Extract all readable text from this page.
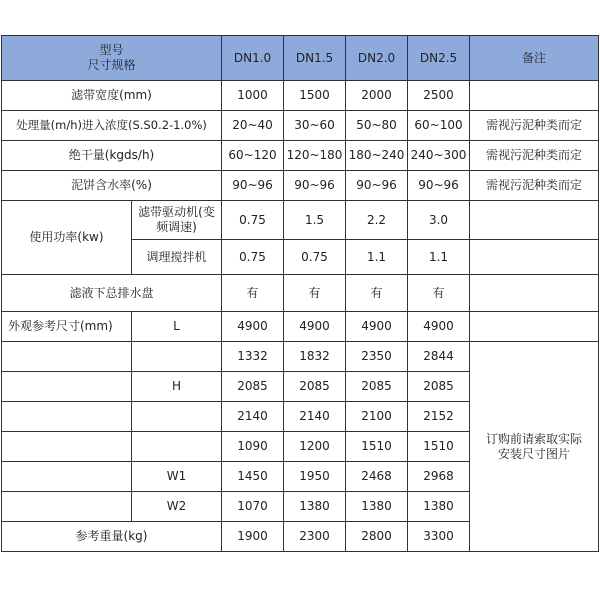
型号
尺寸规格		DN1.0	DN1.5	DN2.0	DN2.5	备注
滤带宽度(mm)		1000	1500	2000	2500	
处理量(m/h)进入浓度(S.S0.2-1.0%)		20~40	30~60	50~80	60~100	需视污泥种类而定
绝干量(kgds/h)		60~120	120~180	180~240	240~300	需视污泥种类而定
泥饼含水率(%)		90~96	90~96	90~96	90~96	需视污泥种类而定
使用功率(kw)	滤带驱动机(变
频调速)	0.75	1.5	2.2	3.0	
	调理搅拌机	0.75	0.75	1.1	1.1	
滤液下总排水盘		有	有	有	有	
外观参考尺寸(mm)	L	4900	4900	4900	4900	
		1332	1832	2350	2844	订购前请索取实际
安装尺寸图片

	H	2085	2085	2085	2085	
		2140	2140	2100	2152	
		1090	1200	1510	1510	
	W1	1450	1950	2468	2968	
	W2	1070	1380	1380	1380	
参考重量(kg)		1900	2300	2800	3300	
